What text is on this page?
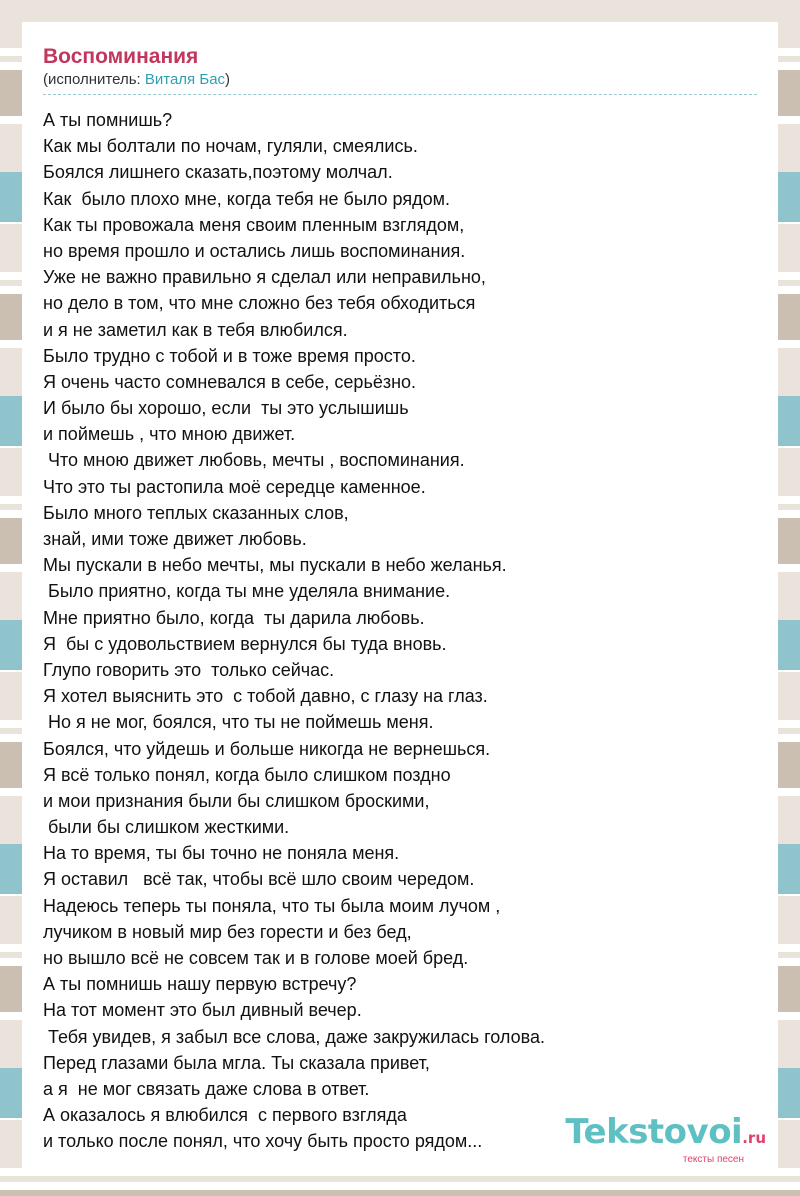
Воспоминания
(исполнитель: Виталя Бас)
А ты помнишь?
Как мы болтали по ночам, гуляли, смеялись.
Боялся лишнего сказать,поэтому молчал.
Как  было плохо мне, когда тебя не было рядом.
Как ты провожала меня своим пленным взглядом,
но время прошло и остались лишь воспоминания.
Уже не важно правильно я сделал или неправильно,
но дело в том, что мне сложно без тебя обходиться
и я не заметил как в тебя влюбился.
Было трудно с тобой и в тоже время просто.
Я очень часто сомневался в себе, серьёзно.
И было бы хорошо, если  ты это услышишь
и поймешь , что мною движет.
Что мною движет любовь, мечты , воспоминания.
Что это ты растопила моё середце каменное.
Было много теплых сказанных слов,
знай, ими тоже движет любовь.
Мы пускали в небо мечты, мы пускали в небо желанья.
Было приятно, когда ты мне уделяла внимание.
Мне приятно было, когда  ты дарила любовь.
Я  бы с удовольствием вернулся бы туда вновь.
Глупо говорить это  только сейчас.
Я хотел выяснить это  с тобой давно, с глазу на глаз.
Но я не мог, боялся, что ты не поймешь меня.
Боялся, что уйдешь и больше никогда не вернешься.
Я всё только понял, когда было слишком поздно
и мои признания были бы слишком броскими,
были бы слишком жесткими.
На то время, ты бы точно не поняла меня.
Я оставил   всё так, чтобы всё шло своим чередом.
Надеюсь теперь ты поняла, что ты была моим лучом ,
лучиком в новый мир без горести и без бед,
но вышло всё не совсем так и в голове моей бред.
А ты помнишь нашу первую встречу?
На тот момент это был дивный вечер.
Тебя увидев, я забыл все слова, даже закружилась голова.
Перед глазами была мгла. Ты сказала привет,
а я  не мог связать даже слова в ответ.
А оказалось я влюбился  с первого взгляда
и только после понял, что хочу быть просто рядом...	Tekstovoi.ru
тексты песен
